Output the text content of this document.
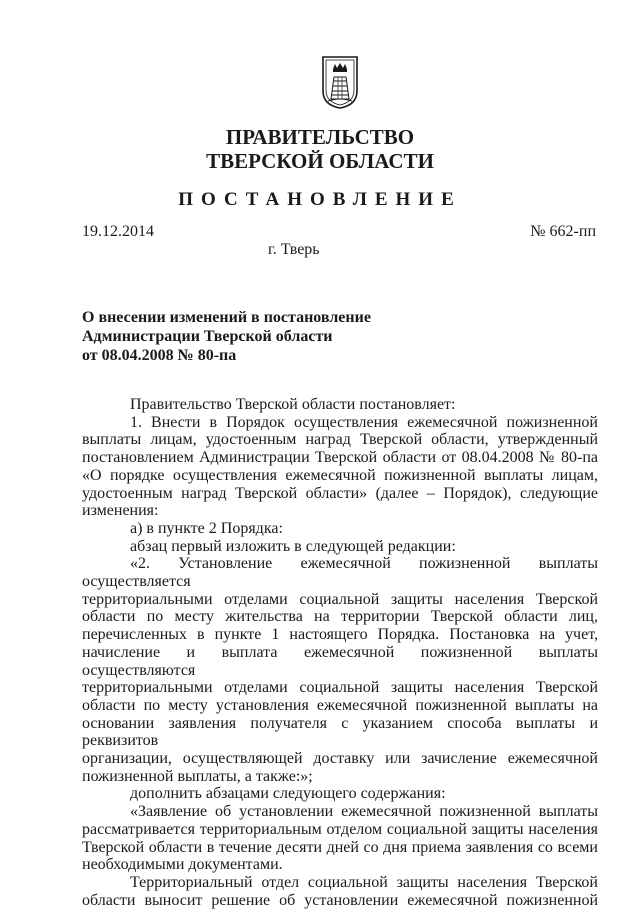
ПРАВИТЕЛЬСТВО
ТВЕРСКОЙ ОБЛАСТИ
ПОСТАНОВЛЕНИЕ
19.12.2014	№ 662-пп
г. Тверь
О внесении изменений в постановление
Администрации Тверской области
от 08.04.2008 № 80-па
Правительство Тверской области постановляет:
1. Внести в Порядок осуществления ежемесячной пожизненной
выплаты лицам, удостоенным наград Тверской области, утвержденный
постановлением Администрации Тверской области от 08.04.2008 № 80-па
«О порядке осуществления ежемесячной пожизненной выплаты лицам,
удостоенным наград Тверской области» (далее – Порядок), следующие
изменения:
а) в пункте 2 Порядка:
абзац первый изложить в следующей редакции:
«2. Установление ежемесячной пожизненной выплаты осуществляется
территориальными отделами социальной защиты населения Тверской
области по месту жительства на территории Тверской области лиц,
перечисленных в пункте 1 настоящего Порядка. Постановка на учет,
начисление и выплата ежемесячной пожизненной выплаты осуществляются
территориальными отделами социальной защиты населения Тверской
области по месту установления ежемесячной пожизненной выплаты на
основании заявления получателя с указанием способа выплаты и реквизитов
организации, осуществляющей доставку или зачисление ежемесячной
пожизненной выплаты, а также:»;
дополнить абзацами следующего содержания:
«Заявление об установлении ежемесячной пожизненной выплаты
рассматривается территориальным отделом социальной защиты населения
Тверской области в течение десяти дней со дня приема заявления со всеми
необходимыми документами.
Территориальный отдел социальной защиты населения Тверской
области выносит решение об установлении ежемесячной пожизненной
